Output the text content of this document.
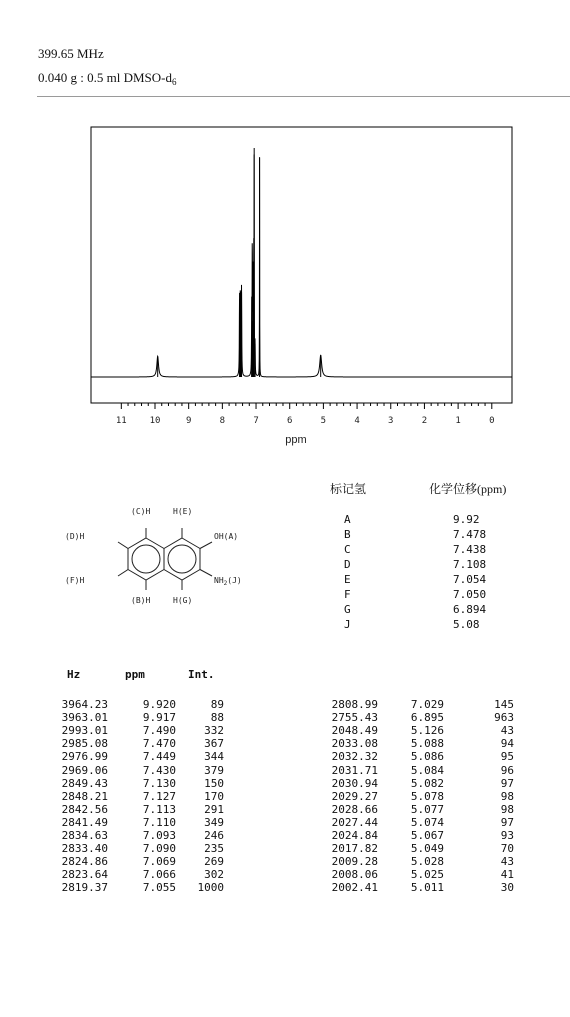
399.65 MHz
0.040 g : 0.5 ml DMSO-$d_6$
11	10	9	8	7	6	5	4	3	2	1	0
ppm
(C)H	H(E)
(D)H	OH(A)
(F)H	$NH_2(J)$
(B)H	H(G)
标记氢	化学位移(ppm)
A	9.92
B	7.478
C	7.438
D	7.108
E	7.054
F	7.050
G	6.894
J	5.08
Hz	ppm	Int.
3964.23	9.920	89
3963.01	9.917	88
2993.01	7.490	332
2985.08	7.470	367
2976.99	7.449	344
2969.06	7.430	379
2849.43	7.130	150
2848.21	7.127	170
2842.56	7.113	291
2841.49	7.110	349
2834.63	7.093	246
2833.40	7.090	235
2824.86	7.069	269
2823.64	7.066	302
2819.37	7.055	1000
2808.99	7.029	145
2755.43	6.895	963
2048.49	5.126	43
2033.08	5.088	94
2032.32	5.086	95
2031.71	5.084	96
2030.94	5.082	97
2029.27	5.078	98
2028.66	5.077	98
2027.44	5.074	97
2024.84	5.067	93
2017.82	5.049	70
2009.28	5.028	43
2008.06	5.025	41
2002.41	5.011	30
